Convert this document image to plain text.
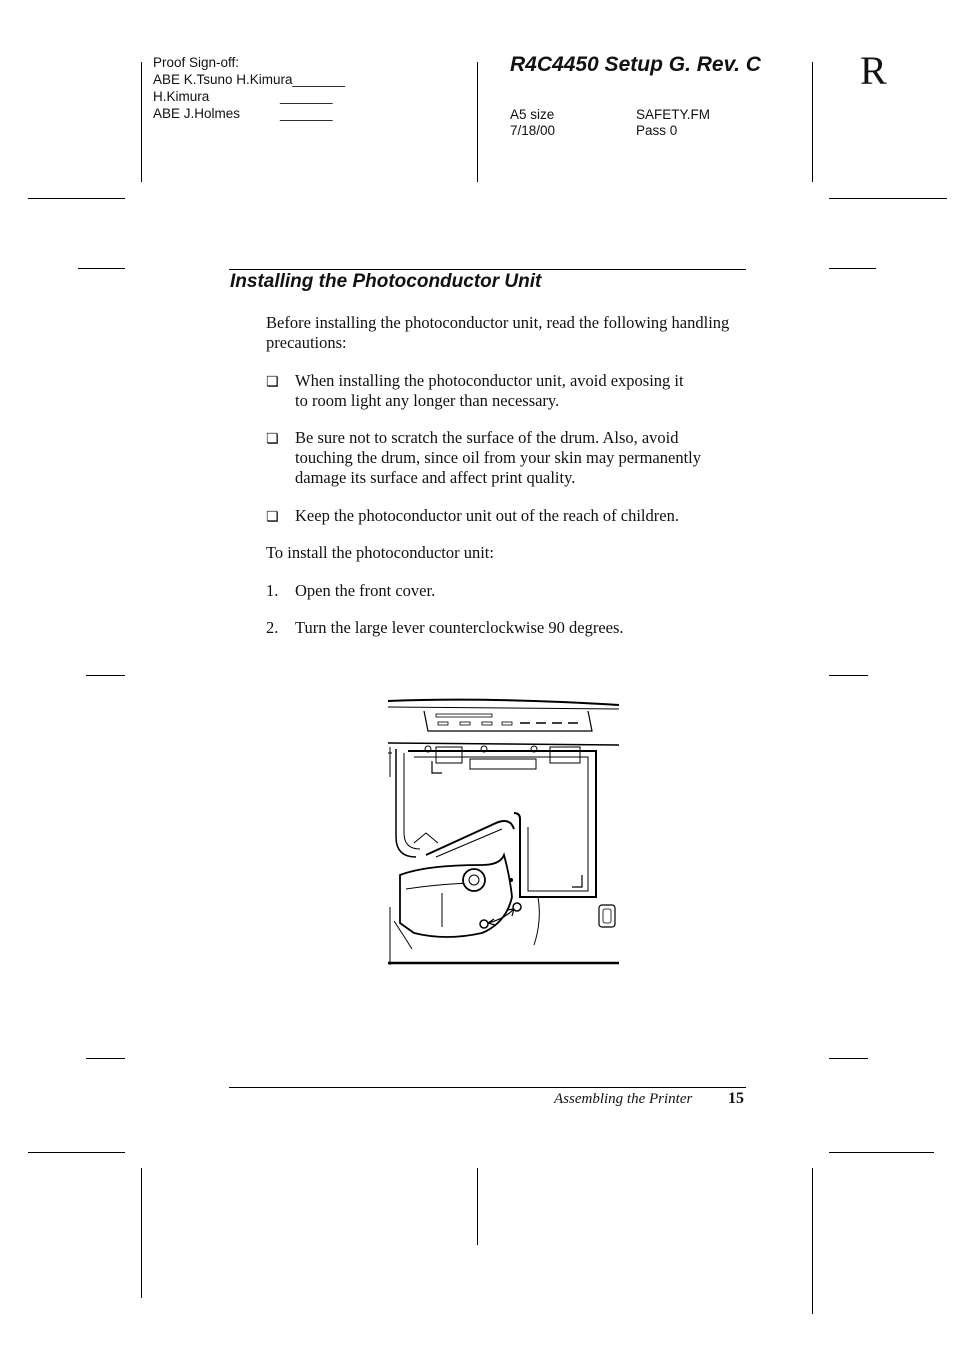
Proof Sign-off:
ABE K.Tsuno H.Kimura_______
H.Kimura	_______
ABE J.Holmes	_______
R4C4450 Setup G. Rev. C
A5 size	SAFETY.FM
7/18/00	Pass 0
R
Installing the Photoconductor Unit
Before installing the photoconductor unit, read the following handling precautions:
❏ When installing the photoconductor unit, avoid exposing it
to room light any longer than necessary.
❏ Be sure not to scratch the surface of the drum. Also, avoid
touching the drum, since oil from your skin may permanently
damage its surface and affect print quality.
❏ Keep the photoconductor unit out of the reach of children.
To install the photoconductor unit:
1. Open the front cover.
2. Turn the large lever counterclockwise 90 degrees.
Assembling the Printer 15
